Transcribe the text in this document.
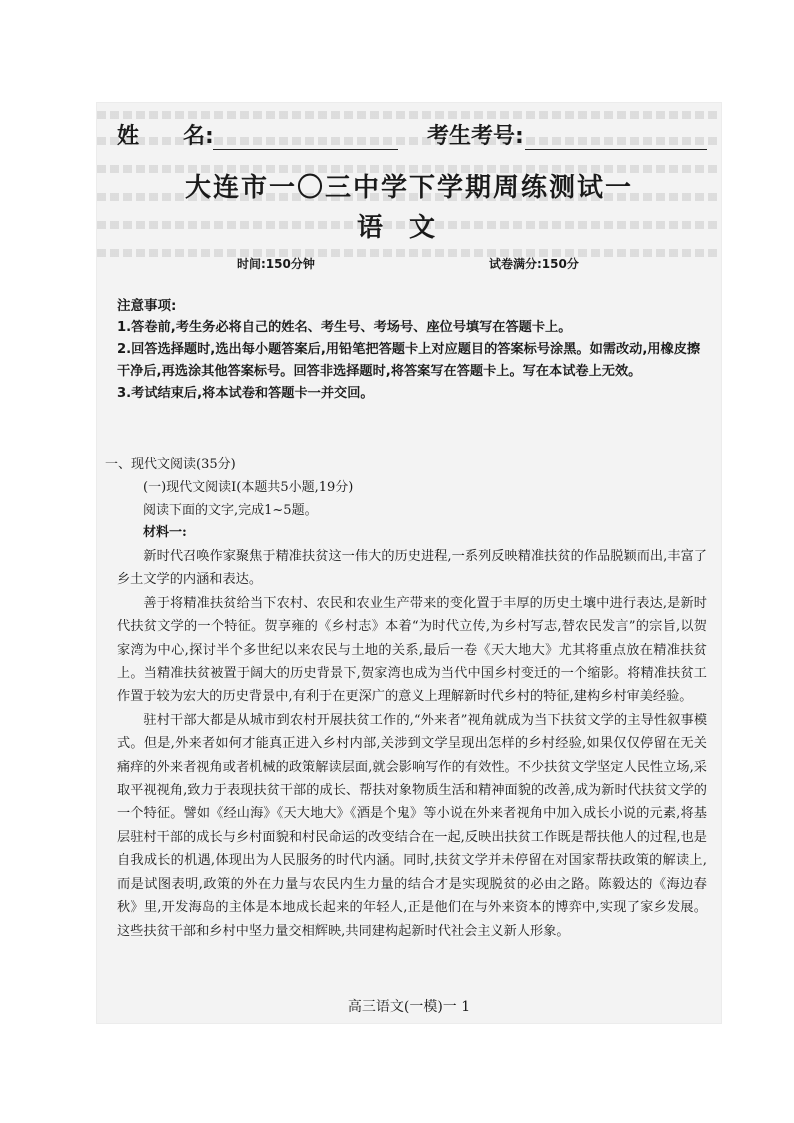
姓　　名:	考生考号:
大连市一〇三中学下学期周练测试一
语文
时间:150分钟	试卷满分:150分

注意事项:

1.答卷前,考生务必将自己的姓名、考生号、考场号、座位号填写在答题卡上。

2.回答选择题时,选出每小题答案后,用铅笔把答题卡上对应题目的答案标号涂黑。如需改动,用橡皮擦干净后,再选涂其他答案标号。回答非选择题时,将答案写在答题卡上。写在本试卷上无效。

3.考试结束后,将本试卷和答题卡一并交回。

一、现代文阅读(35分)
(一)现代文阅读Ⅰ(本题共5小题,19分)
阅读下面的文字,完成1~5题。
材料一:

新时代召唤作家聚焦于精准扶贫这一伟大的历史进程,一系列反映精准扶贫的作品脱颖而出,丰富了乡土文学的内涵和表达。

善于将精准扶贫给当下农村、农民和农业生产带来的变化置于丰厚的历史土壤中进行表达,是新时代扶贫文学的一个特征。贺享雍的《乡村志》本着“为时代立传,为乡村写志,替农民发言”的宗旨,以贺家湾为中心,探讨半个多世纪以来农民与土地的关系,最后一卷《天大地大》尤其将重点放在精准扶贫上。当精准扶贫被置于阔大的历史背景下,贺家湾也成为当代中国乡村变迁的一个缩影。将精准扶贫工作置于较为宏大的历史背景中,有利于在更深广的意义上理解新时代乡村的特征,建构乡村审美经验。

驻村干部大都是从城市到农村开展扶贫工作的,“外来者”视角就成为当下扶贫文学的主导性叙事模式。但是,外来者如何才能真正进入乡村内部,关涉到文学呈现出怎样的乡村经验,如果仅仅停留在无关痛痒的外来者视角或者机械的政策解读层面,就会影响写作的有效性。不少扶贫文学坚定人民性立场,采取平视视角,致力于表现扶贫干部的成长、帮扶对象物质生活和精神面貌的改善,成为新时代扶贫文学的一个特征。譬如《经山海》《天大地大》《酒是个鬼》等小说在外来者视角中加入成长小说的元素,将基层驻村干部的成长与乡村面貌和村民命运的改变结合在一起,反映出扶贫工作既是帮扶他人的过程,也是自我成长的机遇,体现出为人民服务的时代内涵。同时,扶贫文学并未停留在对国家帮扶政策的解读上,而是试图表明,政策的外在力量与农民内生力量的结合才是实现脱贫的必由之路。陈毅达的《海边春秋》里,开发海岛的主体是本地成长起来的年轻人,正是他们在与外来资本的博弈中,实现了家乡发展。这些扶贫干部和乡村中坚力量交相辉映,共同建构起新时代社会主义新人形象。

高三语文(一模)一 1
